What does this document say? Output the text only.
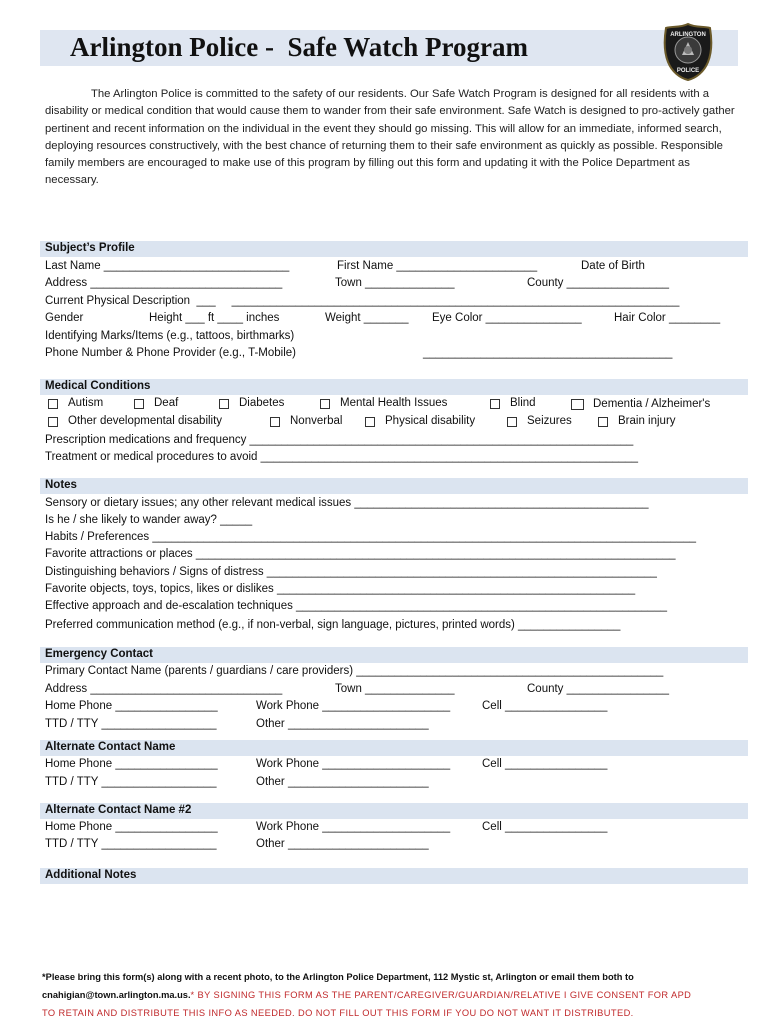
Arlington Police -  Safe Watch Program	ARLINGTON
POLICE
The Arlington Police is committed to the safety of our residents. Our Safe Watch Program is designed for all residents with a disability or medical condition that would cause them to wander from their safe environment. Safe Watch is designed to pro-actively gather pertinent and recent information on the individual in the event they should go missing. This will allow for an immediate, informed search, deploying resources constructively, with the best chance of returning them to their safe environment as quickly as possible. Responsible family members are encouraged to make use of this program by filling out this form and updating it with the Police Department as necessary.
Subject’s Profile
Last Name _____________________________	First Name ______________________	Date of Birth
Address ______________________________	Town ______________	County ________________
Current Physical Description  ___     ______________________________________________________________________
Gender	Height ___ ft ____ inches	Weight _______ Eye Color _______________	Hair Color ________
Identifying Marks/Items (e.g., tattoos, birthmarks)
Phone Number & Phone Provider (e.g., T-Mobile)	_______________________________________
Medical Conditions
Autism	Deaf	Diabetes	Mental Health Issues	Blind	Dementia / Alzheimer's
Other developmental disability	Nonverbal	Physical disability	Seizures	Brain injury
Prescription medications and frequency ____________________________________________________________
Treatment or medical procedures to avoid ___________________________________________________________
Notes
Sensory or dietary issues; any other relevant medical issues ______________________________________________
Is he / she likely to wander away? _____
Habits / Preferences _____________________________________________________________________________________
Favorite attractions or places ___________________________________________________________________________
Distinguishing behaviors / Signs of distress _____________________________________________________________
Favorite objects, toys, topics, likes or dislikes ________________________________________________________
Effective approach and de-escalation techniques __________________________________________________________
Preferred communication method (e.g., if non-verbal, sign language, pictures, printed words) ________________
Emergency Contact
Primary Contact Name (parents / guardians / care providers) ________________________________________________
Address ______________________________	Town ______________	County ________________
Home Phone ________________	Work Phone ____________________	Cell ________________
TTD / TTY __________________	Other ______________________
Alternate Contact Name
Home Phone ________________	Work Phone ____________________	Cell ________________
TTD / TTY __________________	Other ______________________
Alternate Contact Name #2
Home Phone ________________	Work Phone ____________________	Cell ________________
TTD / TTY __________________	Other ______________________
Additional Notes
*Please bring this form(s) along with a recent photo, to the Arlington Police Department, 112 Mystic st, Arlington or email them both to
cnahigian@town.arlington.ma.us.* BY SIGNING THIS FORM AS THE PARENT/CAREGIVER/GUARDIAN/RELATIVE I GIVE CONSENT FOR APD
TO RETAIN AND DISTRIBUTE THIS INFO AS NEEDED. DO NOT FILL OUT THIS FORM IF YOU DO NOT WANT IT DISTRIBUTED.
